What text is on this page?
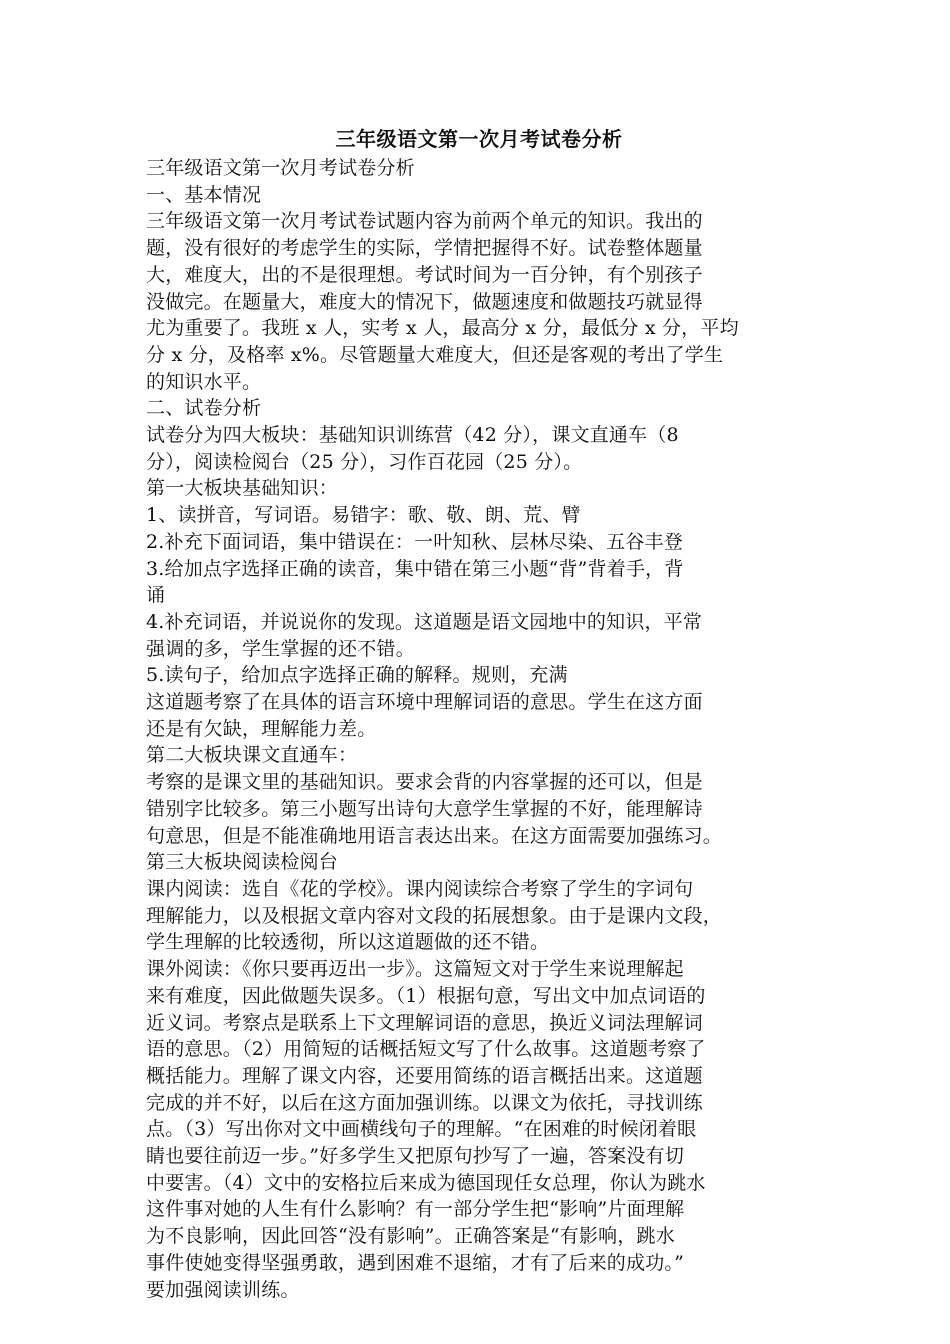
三年级语文第一次月考试卷分析
三年级语文第一次月考试卷分析
一、基本情况
三年级语文第一次月考试卷试题内容为前两个单元的知识。我出的
题，没有很好的考虑学生的实际，学情把握得不好。试卷整体题量
大，难度大，出的不是很理想。考试时间为一百分钟，有个别孩子
没做完。在题量大，难度大的情况下，做题速度和做题技巧就显得
尤为重要了。我班 x 人，实考 x 人，最高分 x 分，最低分 x 分，平均
分 x 分，及格率 x%。尽管题量大难度大，但还是客观的考出了学生
的知识水平。
二、试卷分析
试卷分为四大板块：基础知识训练营（42 分），课文直通车（8
分），阅读检阅台（25 分），习作百花园（25 分）。
第一大板块基础知识：
1、读拼音，写词语。易错字：歌、敬、朗、荒、臂
2.补充下面词语，集中错误在：一叶知秋、层林尽染、五谷丰登
3.给加点字选择正确的读音，集中错在第三小题“背”背着手，背
诵
4.补充词语，并说说你的发现。这道题是语文园地中的知识，平常
强调的多，学生掌握的还不错。
5.读句子，给加点字选择正确的解释。规则，充满
这道题考察了在具体的语言环境中理解词语的意思。学生在这方面
还是有欠缺，理解能力差。
第二大板块课文直通车：
考察的是课文里的基础知识。要求会背的内容掌握的还可以，但是
错别字比较多。第三小题写出诗句大意学生掌握的不好，能理解诗
句意思，但是不能准确地用语言表达出来。在这方面需要加强练习。
第三大板块阅读检阅台
课内阅读：选自《花的学校》。课内阅读综合考察了学生的字词句
理解能力，以及根据文章内容对文段的拓展想象。由于是课内文段，
学生理解的比较透彻，所以这道题做的还不错。
课外阅读：《你只要再迈出一步》。这篇短文对于学生来说理解起
来有难度，因此做题失误多。（1）根据句意，写出文中加点词语的
近义词。考察点是联系上下文理解词语的意思，换近义词法理解词
语的意思。（2）用简短的话概括短文写了什么故事。这道题考察了
概括能力。理解了课文内容，还要用简练的语言概括出来。这道题
完成的并不好，以后在这方面加强训练。以课文为依托，寻找训练
点。（3）写出你对文中画横线句子的理解。“在困难的时候闭着眼
睛也要往前迈一步。”好多学生又把原句抄写了一遍，答案没有切
中要害。（4）文中的安格拉后来成为德国现任女总理，你认为跳水
这件事对她的人生有什么影响？有一部分学生把“影响”片面理解
为不良影响，因此回答“没有影响”。正确答案是“有影响，跳水
事件使她变得坚强勇敢，遇到困难不退缩，才有了后来的成功。”
要加强阅读训练。
